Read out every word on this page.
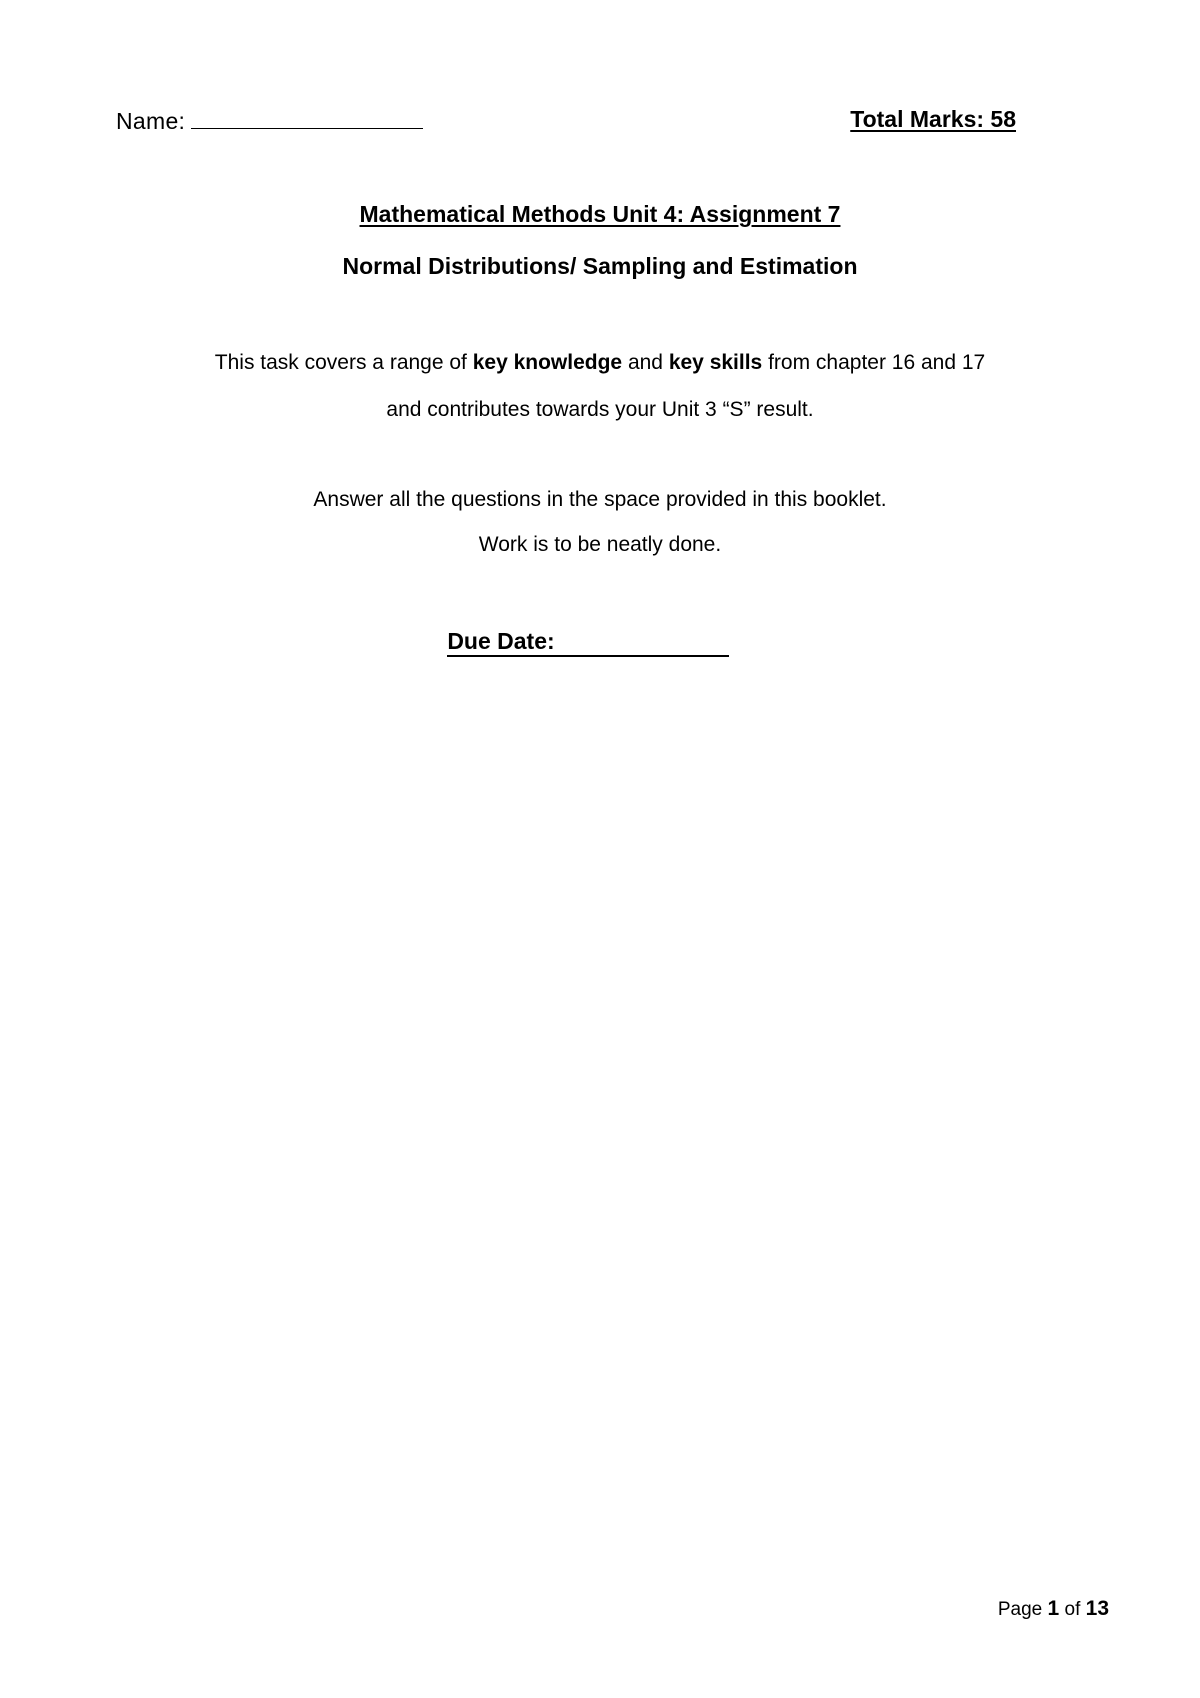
Name:	Total Marks: 58
Mathematical Methods Unit 4: Assignment 7
Normal Distributions/ Sampling and Estimation
This task covers a range of key knowledge and key skills from chapter 16 and 17
and contributes towards your Unit 3 “S” result.
Answer all the questions in the space provided in this booklet.
Work is to be neatly done.
Due Date:
Page 1 of 13
